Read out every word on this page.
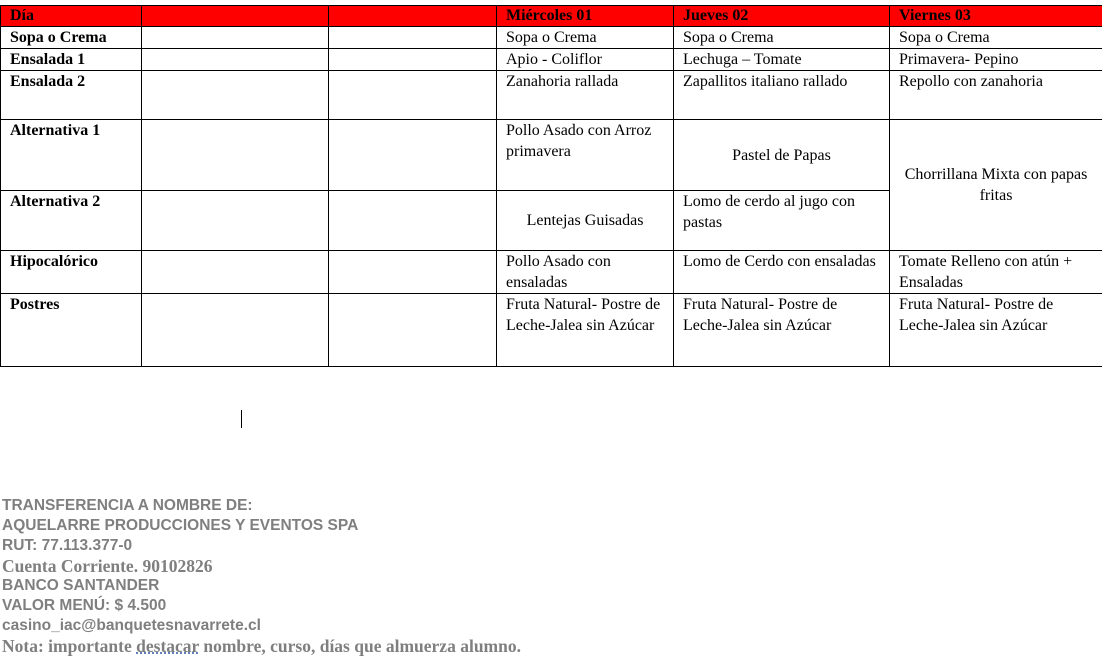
Día			Miércoles 01	Jueves 02	Viernes 03
Sopa o Crema			Sopa o Crema	Sopa o Crema	Sopa o Crema
Ensalada 1			Apio - Coliflor	Lechuga – Tomate	Primavera- Pepino
Ensalada 2			Zanahoria rallada	Zapallitos italiano rallado	Repollo con zanahoria
Alternativa 1			Pollo Asado con Arroz primavera	Pastel de Papas	Chorrillana Mixta con papas fritas
Alternativa 2			Lentejas Guisadas	Lomo de cerdo al jugo con pastas	
Hipocalórico			Pollo Asado con ensaladas	Lomo de Cerdo con ensaladas	Tomate Relleno con atún + Ensaladas
Postres			Fruta Natural- Postre de Leche-Jalea sin Azúcar	Fruta Natural- Postre de Leche-Jalea sin Azúcar	Fruta Natural- Postre de Leche-Jalea sin Azúcar
TRANSFERENCIA A NOMBRE DE:
AQUELARRE PRODUCCIONES Y EVENTOS SPA
RUT: 77.113.377-0
Cuenta Corriente. 90102826
BANCO SANTANDER
VALOR MENÚ: $ 4.500
casino_iac@banquetesnavarrete.cl
Nota: importante destacar nombre, curso, días que almuerza alumno.
